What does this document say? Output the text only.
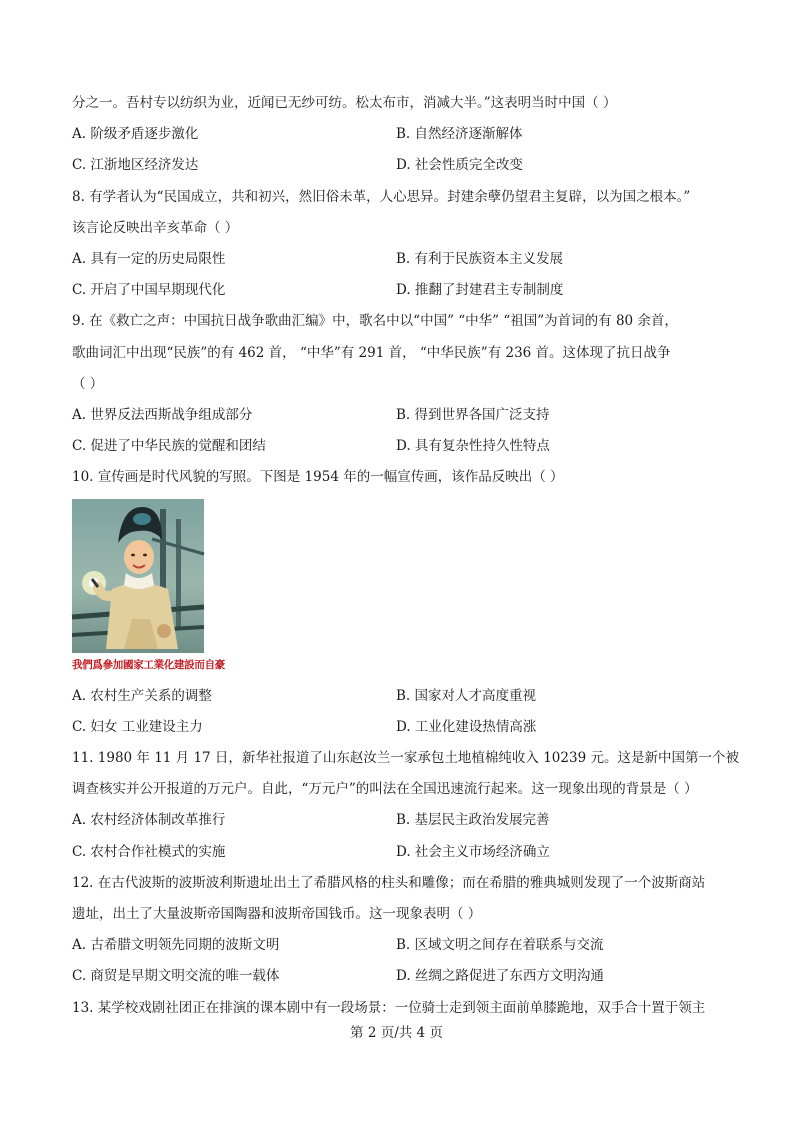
分之一。吾村专以纺织为业，近闻已无纱可纺。松太布市，消减大半。”这表明当时中国（ ）
A. 阶级矛盾逐步激化	B. 自然经济逐渐解体
C. 江浙地区经济发达	D. 社会性质完全改变
8. 有学者认为“民国成立，共和初兴，然旧俗未革，人心思异。封建余孽仍望君主复辟，以为国之根本。”
该言论反映出辛亥革命（ ）
A. 具有一定的历史局限性	B. 有利于民族资本主义发展
C. 开启了中国早期现代化	D. 推翻了封建君主专制制度
9. 在《救亡之声：中国抗日战争歌曲汇编》中，歌名中以“中国” “中华” “祖国”为首词的有 80 余首，
歌曲词汇中出现“民族”的有 462 首， “中华”有 291 首， “中华民族”有 236 首。这体现了抗日战争
（ ）
A. 世界反法西斯战争组成部分	B. 得到世界各国广泛支持
C. 促进了中华民族的觉醒和团结	D. 具有复杂性持久性特点
10. 宣传画是时代风貌的写照。下图是 1954 年的一幅宣传画，该作品反映出（ ）
我們爲參加國家工業化建設而自豪
A. 农村生产关系的调整	B. 国家对人才高度重视
C. 妇女 工业建设主力	D. 工业化建设热情高涨
11. 1980 年 11 月 17 日，新华社报道了山东赵汝兰一家承包土地植棉纯收入 10239 元。这是新中国第一个被
调查核实并公开报道的万元户。自此，“万元户”的叫法在全国迅速流行起来。这一现象出现的背景是（ ）
A. 农村经济体制改革推行	B. 基层民主政治发展完善
C. 农村合作社模式的实施	D. 社会主义市场经济确立
12. 在古代波斯的波斯波利斯遗址出土了希腊风格的柱头和雕像；而在希腊的雅典城则发现了一个波斯商站
遗址，出土了大量波斯帝国陶器和波斯帝国钱币。这一现象表明（ ）
A. 古希腊文明领先同期的波斯文明	B. 区域文明之间存在着联系与交流
C. 商贸是早期文明交流的唯一载体	D. 丝绸之路促进了东西方文明沟通
13. 某学校戏剧社团正在排演的课本剧中有一段场景：一位骑士走到领主面前单膝跪地，双手合十置于领主
第 2 页/共 4 页
